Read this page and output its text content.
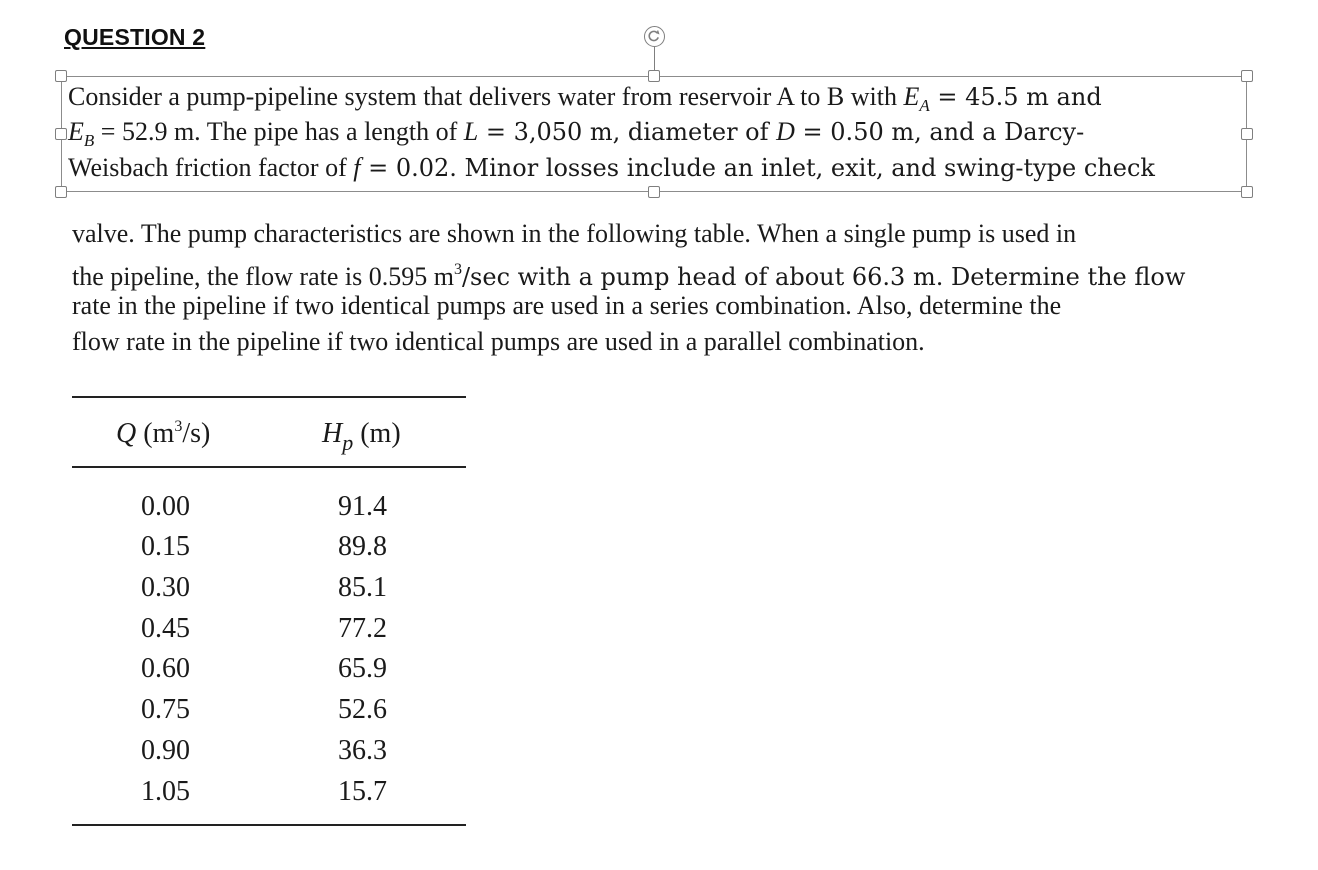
QUESTION 2
Consider a pump-pipeline system that delivers water from reservoir A to B with $E_A = 45.5$ m and
$E_B = 52.9$ m. The pipe has a length of L = 3,050 m, diameter of D = 0.50 m, and a Darcy-
Weisbach friction factor of f = 0.02. Minor losses include an inlet, exit, and swing-type check
valve. The pump characteristics are shown in the following table. When a single pump is used in
the pipeline, the flow rate is 0.595 $m^3/\sec$ with a pump head of about 66.3 m. Determine the flow
rate in the pipeline if two identical pumps are used in a series combination. Also, determine the
flow rate in the pipeline if two identical pumps are used in a parallel combination.
Q $(m^3/s)$	$H_p$ (m)
0.00	91.4
0.15	89.8
0.30	85.1
0.45	77.2
0.60	65.9
0.75	52.6
0.90	36.3
1.05	15.7
